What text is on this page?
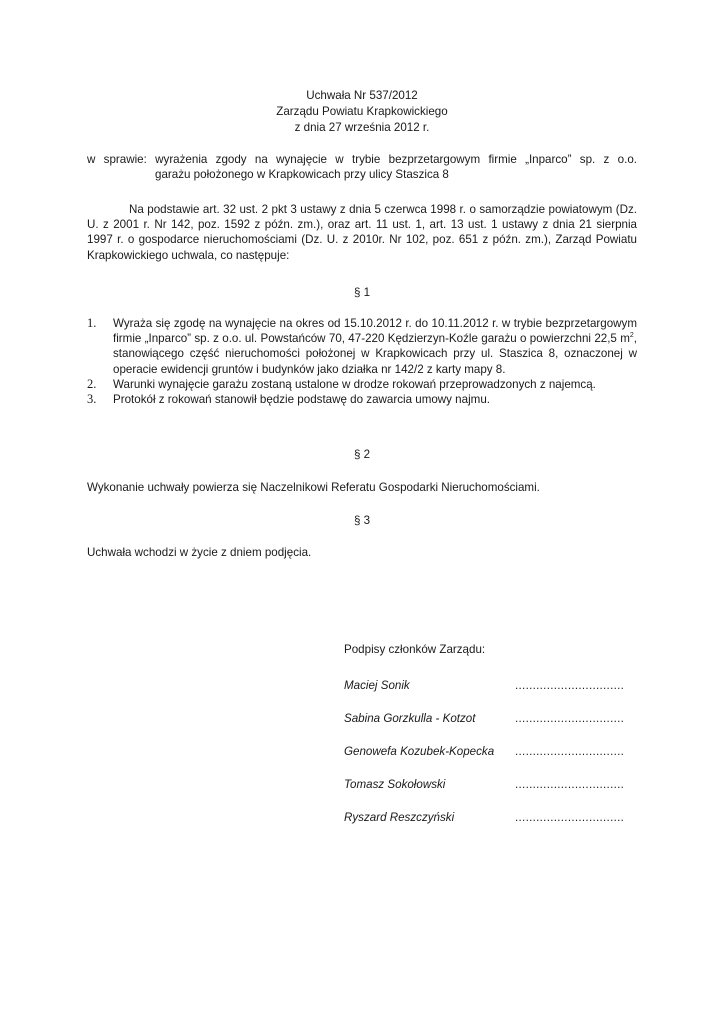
Uchwała Nr 537/2012
Zarządu Powiatu Krapkowickiego
z dnia 27 września 2012 r.
w sprawie: wyrażenia zgody na wynajęcie w trybie bezprzetargowym firmie „Inparco” sp. z o.o.
garażu położonego w Krapkowicach przy ulicy Staszica 8
Na podstawie art. 32 ust. 2 pkt 3 ustawy z dnia 5 czerwca 1998 r. o samorządzie powiatowym (Dz. U. z 2001 r. Nr 142, poz. 1592 z późn. zm.), oraz art. 11 ust. 1, art. 13 ust. 1 ustawy z dnia 21 sierpnia 1997 r. o gospodarce nieruchomościami (Dz. U. z 2010r. Nr 102, poz. 651 z późn. zm.), Zarząd Powiatu Krapkowickiego uchwala, co następuje:
§ 1
1. Wyraża się zgodę na wynajęcie na okres od 15.10.2012 r. do 10.11.2012 r. w trybie bezprzetargowym firmie „Inparco” sp. z o.o. ul. Powstańców 70, 47-220 Kędzierzyn-Koźle garażu o powierzchni 22,5 $m^2$, stanowiącego część nieruchomości położonej w Krapkowicach przy ul. Staszica 8, oznaczonej w operacie ewidencji gruntów i budynków jako działka nr 142/2 z karty mapy 8.
2. Warunki wynajęcie garażu zostaną ustalone w drodze rokowań przeprowadzonych z najemcą.
3. Protokół z rokowań stanowił będzie podstawę do zawarcia umowy najmu.
§ 2
Wykonanie uchwały powierza się Naczelnikowi Referatu Gospodarki Nieruchomościami.
§ 3
Uchwała wchodzi w życie z dniem podjęcia.
Podpisy członków Zarządu:
Maciej Sonik	...............................
Sabina Gorzkulla - Kotzot	...............................
Genowefa Kozubek-Kopecka ...............................
Tomasz Sokołowski	...............................
Ryszard Reszczyński	...............................
